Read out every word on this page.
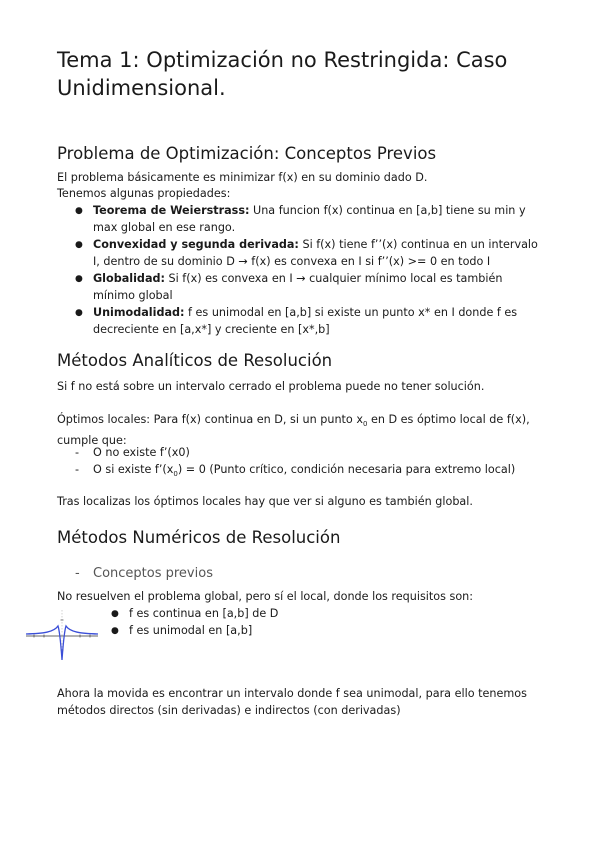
Tema 1: Optimización no Restringida: Caso Unidimensional.
Problema de Optimización: Conceptos Previos

El problema básicamente es minimizar f(x) en su dominio dado D.

Tenemos algunas propiedades:

● Teorema de Weierstrass: Una funcion f(x) continua en [a,b] tiene su min y max global en ese rango.
● Convexidad y segunda derivada: Si f(x) tiene f’’(x) continua en un intervalo I, dentro de su dominio D → f(x) es convexa en I si f’’(x) >= 0 en todo I
● Globalidad: Si f(x) es convexa en I → cualquier mínimo local es también mínimo global
● Unimodalidad: f es unimodal en [a,b] si existe un punto x* en I donde f es decreciente en [a,x*] y creciente en [x*,b]
Métodos Analíticos de Resolución

Si f no está sobre un intervalo cerrado el problema puede no tener solución.

Óptimos locales: Para f(x) continua en D, si un punto $x_0$ en D es óptimo local de f(x), cumple que:

- O no existe f’(x0)
- O si existe $f’(x_0) = 0$ (Punto crítico, condición necesaria para extremo local)

Tras localizas los óptimos locales hay que ver si alguno es también global.

Métodos Numéricos de Resolución

- Conceptos previos

No resuelven el problema global, pero sí el local, donde los requisitos son:

● f es continua en [a,b] de D
● f es unimodal en [a,b]

Ahora la movida es encontrar un intervalo donde f sea unimodal, para ello tenemos métodos directos (sin derivadas) e indirectos (con derivadas)
